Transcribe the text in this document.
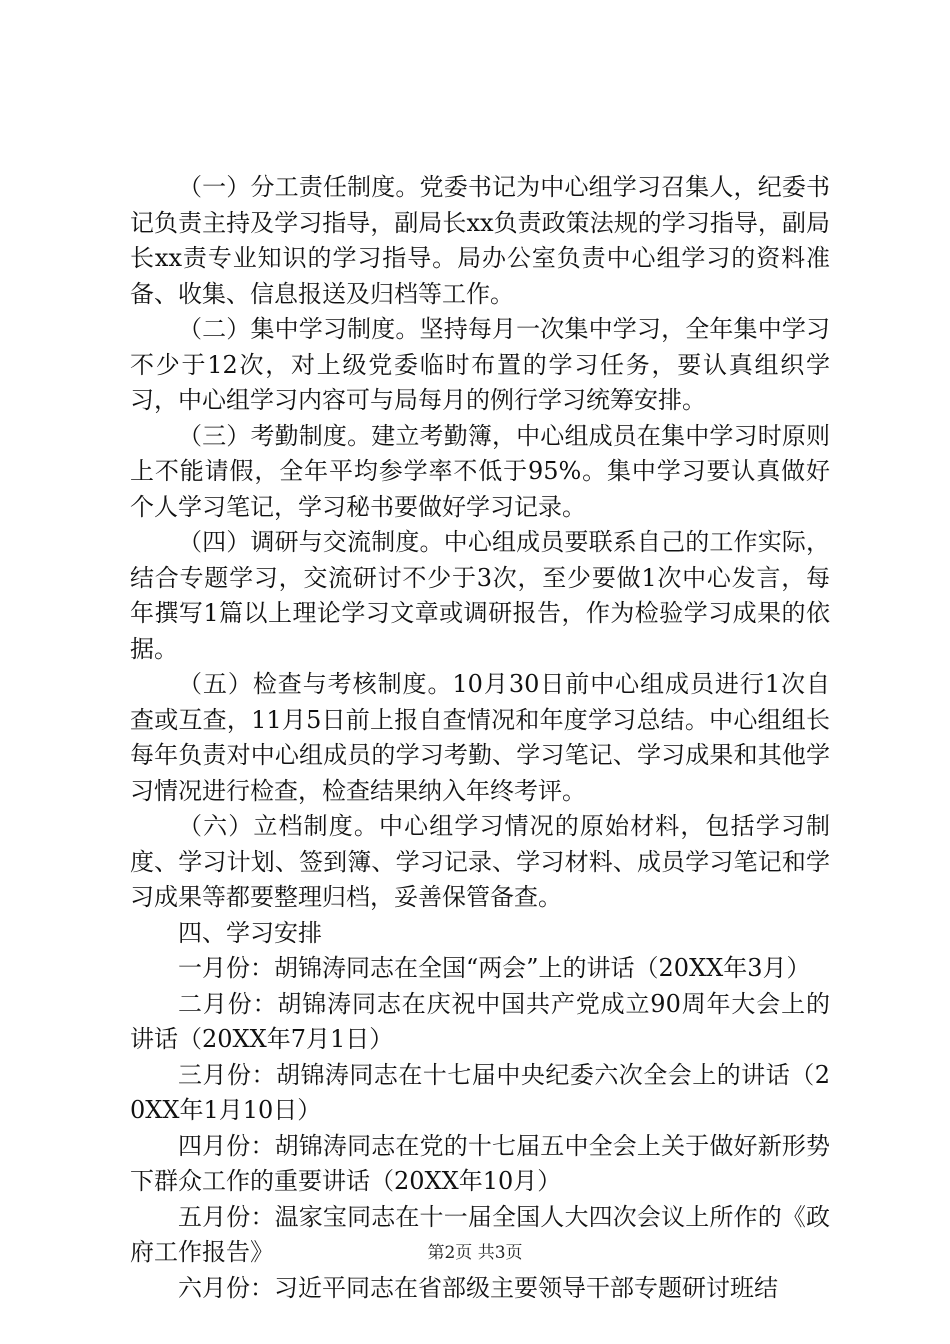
（一）分工责任制度。党委书记为中心组学习召集人，纪委书记负责主持及学习指导，副局长xx负责政策法规的学习指导，副局长xx责专业知识的学习指导。局办公室负责中心组学习的资料准备、收集、信息报送及归档等工作。

（二）集中学习制度。坚持每月一次集中学习，全年集中学习不少于12次，对上级党委临时布置的学习任务，要认真组织学习，中心组学习内容可与局每月的例行学习统筹安排。

（三）考勤制度。建立考勤簿，中心组成员在集中学习时原则上不能请假，全年平均参学率不低于95%。集中学习要认真做好个人学习笔记，学习秘书要做好学习记录。

（四）调研与交流制度。中心组成员要联系自己的工作实际，结合专题学习，交流研讨不少于3次，至少要做1次中心发言，每年撰写1篇以上理论学习文章或调研报告，作为检验学习成果的依据。

（五）检查与考核制度。10月30日前中心组成员进行1次自查或互查，11月5日前上报自查情况和年度学习总结。中心组组长每年负责对中心组成员的学习考勤、学习笔记、学习成果和其他学习情况进行检查，检查结果纳入年终考评。

（六）立档制度。中心组学习情况的原始材料，包括学习制度、学习计划、签到簿、学习记录、学习材料、成员学习笔记和学习成果等都要整理归档，妥善保管备查。

四、学习安排

一月份：胡锦涛同志在全国“两会”上的讲话（20XX年3月）

二月份：胡锦涛同志在庆祝中国共产党成立90周年大会上的讲话（20XX年7月1日）

三月份：胡锦涛同志在十七届中央纪委六次全会上的讲话（20XX年1月10日）

四月份：胡锦涛同志在党的十七届五中全会上关于做好新形势下群众工作的重要讲话（20XX年10月）

五月份：温家宝同志在十一届全国人大四次会议上所作的《政府工作报告》

六月份：习近平同志在省部级主要领导干部专题研讨班结

第2页 共3页
